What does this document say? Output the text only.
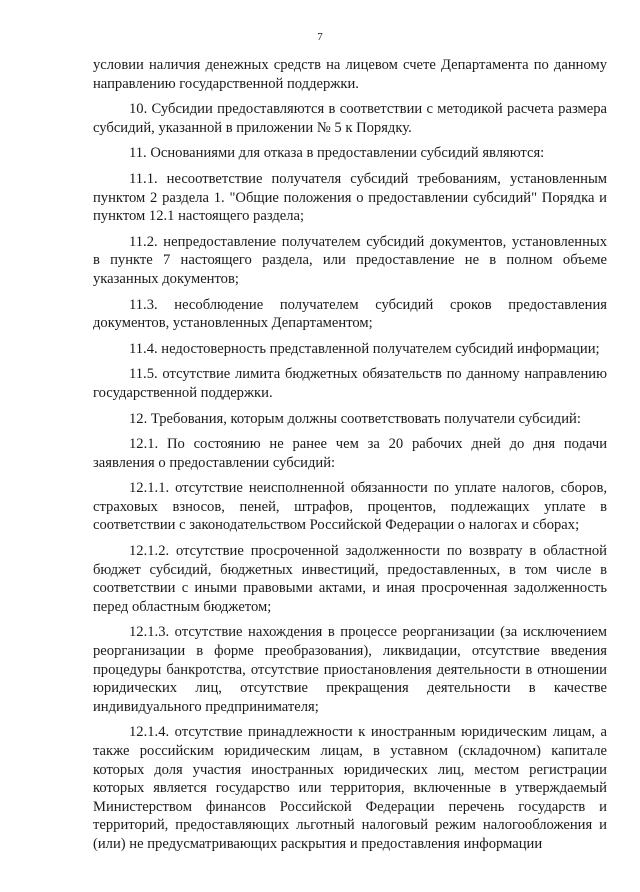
7

условии наличия денежных средств на лицевом счете Департамента по данному направлению государственной поддержки.

10. Субсидии предоставляются в соответствии с методикой расчета размера субсидий, указанной в приложении № 5 к Порядку.

11. Основаниями для отказа в предоставлении субсидий являются:

11.1. несоответствие получателя субсидий требованиям, установленным пунктом 2 раздела 1. "Общие положения о предоставлении субсидий" Порядка и пунктом 12.1 настоящего раздела;

11.2. непредоставление получателем субсидий документов, установленных в пункте 7 настоящего раздела, или предоставление не в полном объеме указанных документов;

11.3. несоблюдение получателем субсидий сроков предоставления документов, установленных Департаментом;

11.4. недостоверность представленной получателем субсидий информации;

11.5. отсутствие лимита бюджетных обязательств по данному направлению государственной поддержки.

12. Требования, которым должны соответствовать получатели субсидий:

12.1. По состоянию не ранее чем за 20 рабочих дней до дня подачи заявления о предоставлении субсидий:

12.1.1. отсутствие неисполненной обязанности по уплате налогов, сборов, страховых взносов, пеней, штрафов, процентов, подлежащих уплате в соответствии с законодательством Российской Федерации о налогах и сборах;

12.1.2. отсутствие просроченной задолженности по возврату в областной бюджет субсидий, бюджетных инвестиций, предоставленных, в том числе в соответствии с иными правовыми актами, и иная просроченная задолженность перед областным бюджетом;

12.1.3. отсутствие нахождения в процессе реорганизации (за исключением реорганизации в форме преобразования), ликвидации, отсутствие введения процедуры банкротства, отсутствие приостановления деятельности в отношении юридических лиц, отсутствие прекращения деятельности в качестве индивидуального предпринимателя;

12.1.4. отсутствие принадлежности к иностранным юридическим лицам, а также российским юридическим лицам, в уставном (складочном) капитале которых доля участия иностранных юридических лиц, местом регистрации которых является государство или территория, включенные в утверждаемый Министерством финансов Российской Федерации перечень государств и территорий, предоставляющих льготный налоговый режим налогообложения и (или) не предусматривающих раскрытия и предоставления информации
